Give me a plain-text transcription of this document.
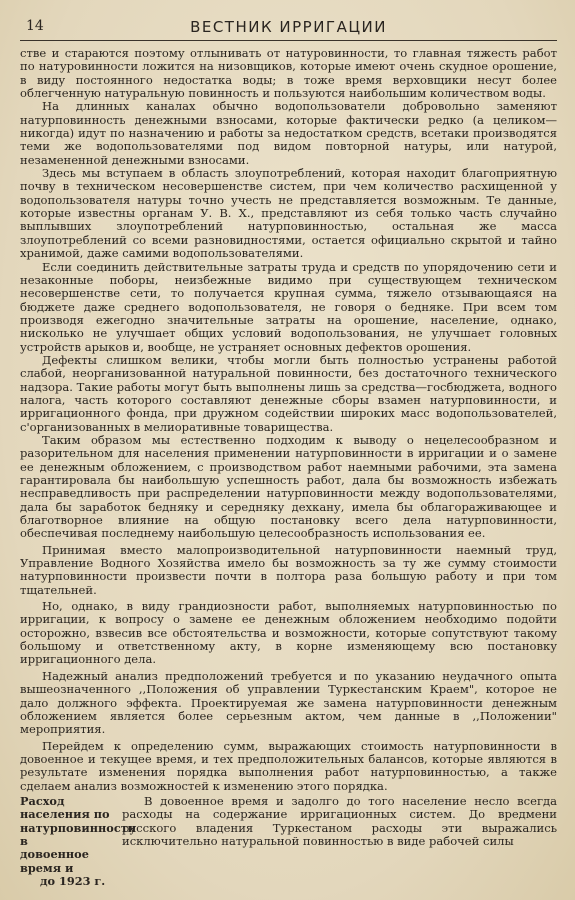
14	ВЕСТНИК ИРРИГАЦИИ

стве и стараются поэтому отлынивать от натуровинности, то главная тяжесть работ по натуровинности ложится на низовщиков, которые имеют очень скудное орошение, в виду постоянного недостатка воды; в тоже время верховщики несут более облегченную натуральную повинность и пользуются наибольшим количеством воды.

На длинных каналах обычно водопользователи добровольно заменяют натурповинность денежными взносами, которые фактически редко (а целиком—никогда) идут по назначению и работы за недостатком средств, всетаки производятся теми же водопользователями под видом повторной натуры, или натурой, незамененной денежными взносами.

Здесь мы вступаем в область злоупотреблений, которая находит благоприятную почву в техническом несовершенстве систем, при чем количество расхищенной у водопользователя натуры точно учесть не представляется возможным. Те данные, которые известны органам У. В. Х., представляют из себя только часть случайно выплывших злоупотреблений натурповинностью, остальная же масса злоупотреблений со всеми разновидностями, остается официально скрытой и тайно хранимой, даже самими водопользователями.

Если соединить действительные затраты труда и средств по упорядочению сети и незаконные поборы, неизбежные видимо при существующем техническом несовершенстве сети, то получается крупная сумма, тяжело отзывающаяся на бюджете даже среднего водопользователя, не говоря о бедняке. При всем том производя ежегодно значительные затраты на орошение, население, однако, нисколько не улучшает общих условий водопользования, не улучшает головных устройств арыков и, вообще, не устраняет основных дефектов орошения.

Дефекты слишком велики, чтобы могли быть полностью устранены работой слабой, неорганизованной натуральной повинности, без достаточного технического надзора. Такие работы могут быть выполнены лишь за средства—госбюджета, водного налога, часть которого составляют денежные сборы взамен натурповинности, и ирригационного фонда, при дружном содействии широких масс водопользователей, с'организованных в мелиоративные товарищества.

Таким образом мы естественно подходим к выводу о нецелесообразном и разорительном для населения применении натурповинности в ирригации и о замене ее денежным обложением, с производством работ наемными рабочими, эта замена гарантировала бы наибольшую успешность работ, дала бы возможность избежать несправедливость при распределении натурповинности между водопользователями, дала бы заработок бедняку и середняку дехкану, имела бы облагораживающее и благотворное влияние на общую постановку всего дела натурповинности, обеспечивая последнему наибольшую целесообразность использования ее.

Принимая вместо малопроизводительной натурповинности наемный труд, Управление Водного Хозяйства имело бы возможность за ту же сумму стоимости натурповинности произвести почти в полтора раза большую работу и при том тщательней.

Но, однако, в виду грандиозности работ, выполняемых натурповинностью по ирригации, к вопросу о замене ее денежным обложением необходимо подойти осторожно, взвесив все обстоятельства и возможности, которые сопутствуют такому большому и ответственному акту, в корне изменяющему всю постановку ирригационного дела.

Надежный анализ предположений требуется и по указанию неудачного опыта вышеозначенного ,,Положения об управлении Туркестанским Краем", которое не дало должного эффекта. Проектируемая же замена натурповинности денежным обложением является более серьезным актом, чем данные в ,,Положении" мероприятия.

Перейдем к определению сумм, выражающих стоимость натурповинности в довоенное и текущее время, и тех предположительных балансов, которые являются в результате изменения порядка выполнения работ натурповинностью, а также сделаем анализ возможностей к изменению этого порядка.

Расход населения по
натурповинности в
довоенное время и
до 1923 г.

В довоенное время и задолго до того население несло всегда расходы на содержание ирригационных систем. До вредмени русского владения Туркестаном расходы эти выражались исключительно натуральной повинностью в виде рабочей силы
